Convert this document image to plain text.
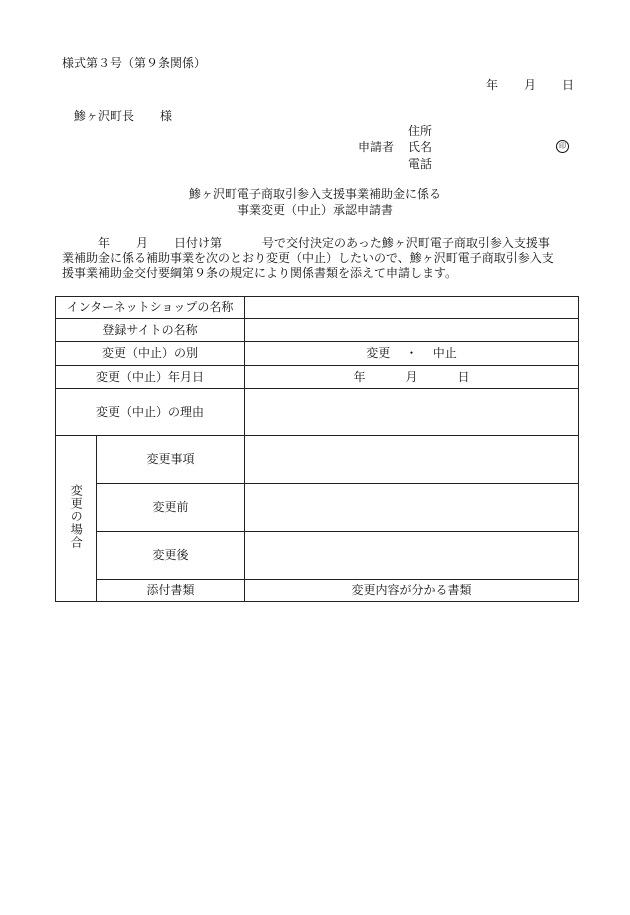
様式第３号（第９条関係）
年 月 日
鯵ヶ沢町長 様
住所
申請者 氏名	印
電話
鯵ヶ沢町電子商取引参入支援事業補助金に係る
事業変更（中止）承認申請書
年 月 日付け第	号で交付決定のあった鯵ヶ沢町電子商取引参入支援事
業補助金に係る補助事業を次のとおり変更（中止）したいので、鯵ヶ沢町電子商取引参入支
援事業補助金交付要綱第９条の規定により関係書類を添えて申請します。
インターネットショップの名称		
登録サイトの名称		
変更（中止）の別		変更 ・ 中止
変更（中止）年月日		年 月 日
変更（中止）の理由		
変更の場合	変更事項	
	変更前	
	変更後	
	添付書類	変更内容が分かる書類
